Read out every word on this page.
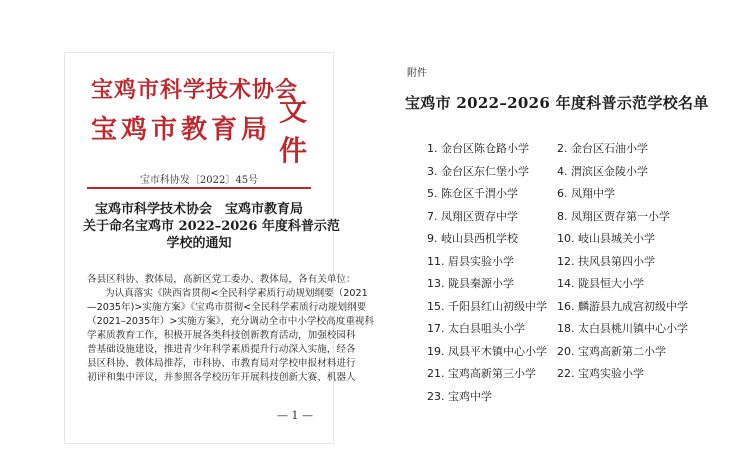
宝鸡市科学技术协会
宝鸡市教育局
文件
宝市科协发〔2022〕45号
宝鸡市科学技术协会　宝鸡市教育局
关于命名宝鸡市 2022–2026 年度科普示范
学校的通知
各县区科协、教体局，高新区党工委办、教体局，各有关单位：
为认真落实《陕西省贯彻<全民科学素质行动规划纲要（2021
—2035年)>实施方案》《宝鸡市贯彻<全民科学素质行动规划纲要
（2021–2035年）>实施方案》，充分调动全市中小学校高度重视科
学素质教育工作，积极开展各类科技创新教育活动，加强校园科
普基础设施建设，推进青少年科学素质提升行动深入实施，经各
县区科协、教体局推荐，市科协、市教育局对学校申报材料进行
初评和集中评议，并参照各学校历年开展科技创新大赛、机器人
— 1 —
附件
宝鸡市 2022–2026 年度科普示范学校名单
1. 金台区陈仓路小学	2. 金台区石油小学
3. 金台区东仁堡小学	4. 渭滨区金陵小学
5. 陈仓区千渭小学	6. 凤翔中学
7. 凤翔区贾存中学	8. 凤翔区贾存第一小学
9. 岐山县西机学校	10. 岐山县城关小学
11. 眉县实验小学	12. 扶风县第四小学
13. 陇县秦源小学	14. 陇县恒大小学
15. 千阳县红山初级中学 16. 麟游县九成宫初级中学
17. 太白县咀头小学	18. 太白县桃川镇中心小学
19. 凤县平木镇中心小学 20. 宝鸡高新第二小学
21. 宝鸡高新第三小学 22. 宝鸡实验小学
23. 宝鸡中学
